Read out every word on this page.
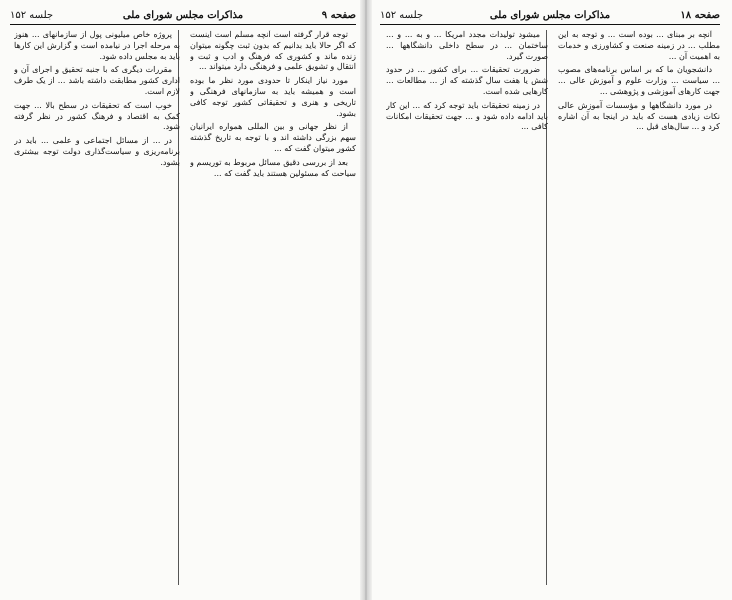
صفحه ۹
مذاکرات مجلس شورای ملی
جلسه ۱۵۲

توجه قرار گرفته است آنچه مسلم است اینست که اگر حالا باید بدانیم که بدون ثبت چگونه میتوان زنده ماند و کشوری که فرهنگ و ادب و ثبت و انتقال و تشویق علمی و فرهنگی دارد میتواند ...

مورد نیاز اینکار تا حدودی مورد نظر ما بوده است و همیشه باید به سازمانهای فرهنگی و تاریخی و هنری و تحقیقاتی کشور توجه کافی بشود.

از نظر جهانی و بین المللی همواره ایرانیان سهم بزرگی داشته اند و با توجه به تاریخ گذشته کشور میتوان گفت که ...

بعد از بررسی دقیق مسائل مربوط به توریسم و سیاحت که مسئولین هستند باید گفت که ...

پروژه خاص میلیونی پول از سازمانهای ... هنوز به مرحله اجرا در نیامده است و گزارش این کارها باید به مجلس داده شود.

مقررات دیگری که با جنبه تحقیق و اجرای آن و اداری کشور مطابقت داشته باشد ... از یک طرف لازم است.

خوب است که تحقیقات در سطح بالا ... جهت کمک به اقتصاد و فرهنگ کشور در نظر گرفته شود.

در ... از مسائل اجتماعی و علمی ... باید در برنامه‌ریزی و سیاست‌گذاری دولت توجه بیشتری بشود.

صفحه ۱۸
مذاکرات مجلس شورای ملی
جلسه ۱۵۲

آنچه بر مبنای ... بوده است ... و توجه به این مطلب ... در زمینه صنعت و کشاورزی و خدمات به اهمیت آن ...

دانشجویان ما که بر اساس برنامه‌های مصوب ... سیاست ... وزارت علوم و آموزش عالی ... جهت کارهای آموزشی و پژوهشی ...

در مورد دانشگاهها و مؤسسات آموزش عالی نکات زیادی هست که باید در اینجا به آن اشاره کرد و ... سال‌های قبل ...

میشود تولیدات مجدد امریکا ... و به ... و ... ساختمان ... در سطح داخلی دانشگاهها ... صورت گیرد.

ضرورت تحقیقات ... برای کشور ... در حدود شش یا هفت سال گذشته که از ... مطالعات ... کارهایی شده است.

در زمینه تحقیقات باید توجه کرد که ... این کار باید ادامه داده شود و ... جهت تحقیقات امکانات کافی ...
